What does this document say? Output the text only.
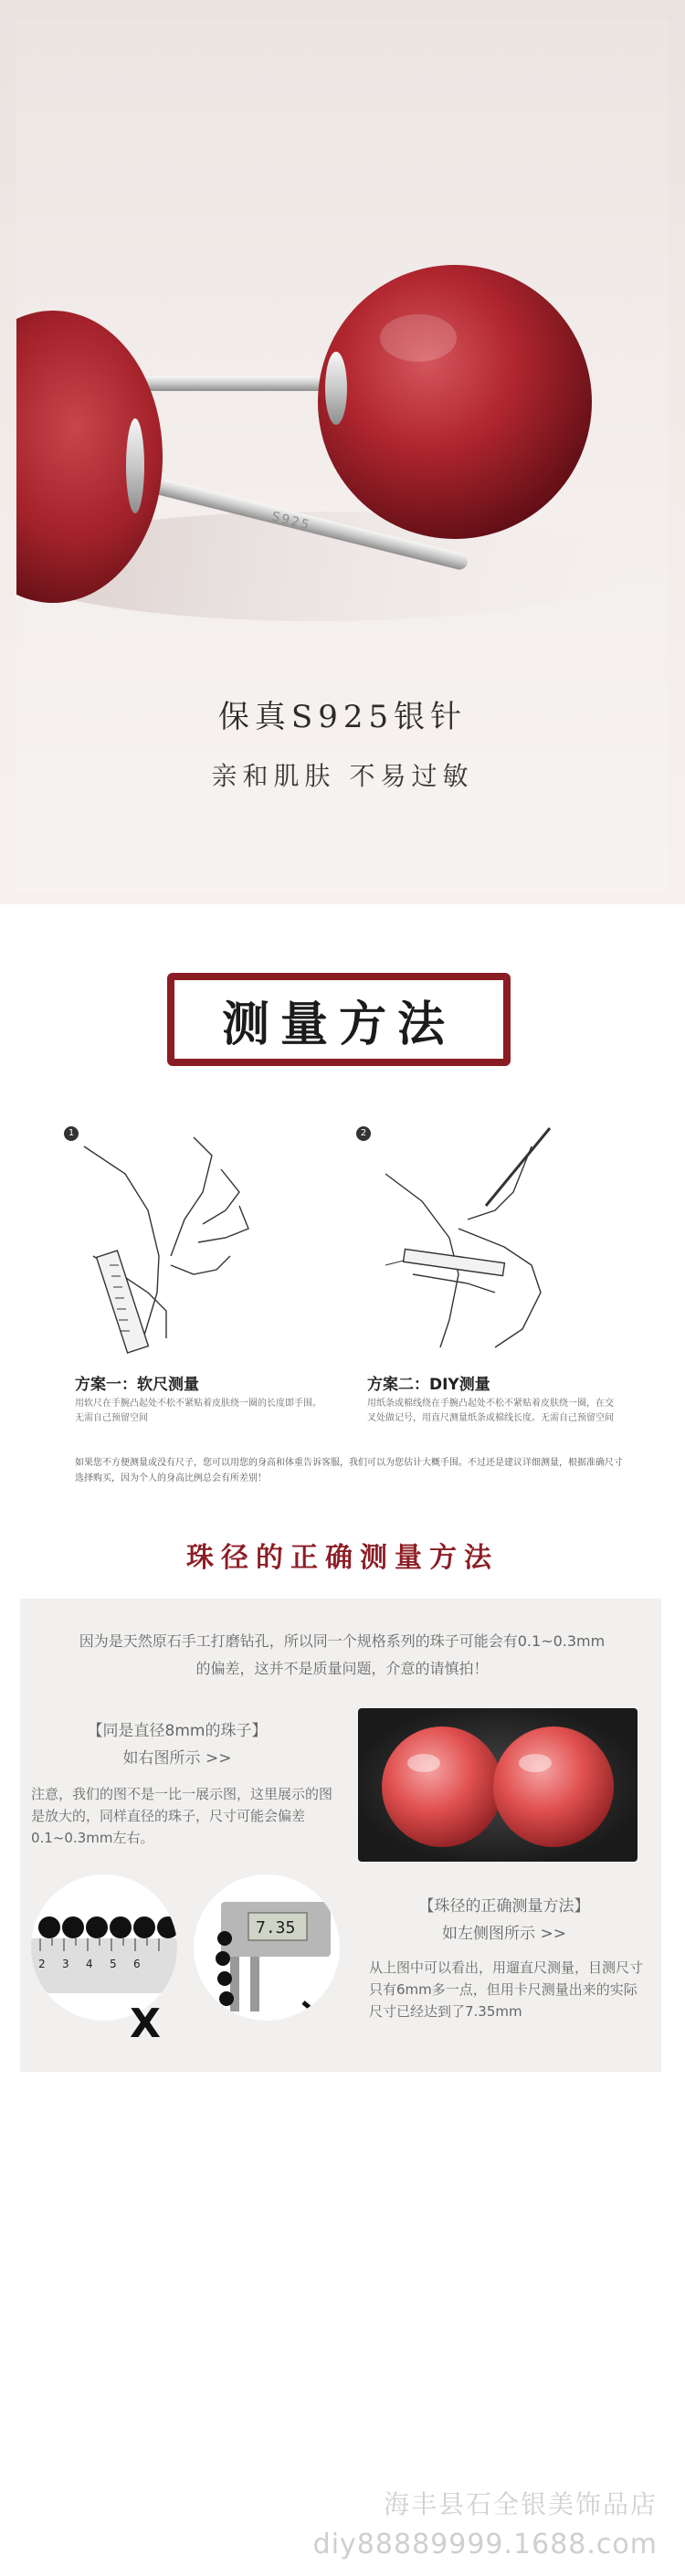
S925
保真S925银针
亲和肌肤 不易过敏
测量方法
1	2
方案一：软尺测量
用软尺在手腕凸起处不松不紧贴着皮肤绕一圈的长度即手围。无需自己预留空间
方案二：DIY测量
用纸条或棉线绕在手腕凸起处不松不紧贴着皮肤绕一圈，在交叉处做记号，用直尺测量纸条或棉线长度。无需自己预留空间
如果您不方便测量或没有尺子，您可以用您的身高和体重告诉客服，我们可以为您估计大概手围。不过还是建议详细测量，根据准确尺寸选择购买，因为个人的身高比例总会有所差别！
珠径的正确测量方法
因为是天然原石手工打磨钻孔，所以同一个规格系列的珠子可能会有0.1~0.3mm的偏差，这并不是质量问题，介意的请慎拍！
【同是直径8mm的珠子】
如右图所示 >>
注意，我们的图不是一比一展示图，这里展示的图是放大的，同样直径的珠子，尺寸可能会偏差0.1~0.3mm左右。
2 3 4 5 6
X
7.35
【珠径的正确测量方法】
如左侧图所示 >>
从上图中可以看出，用遛直尺测量，目测尺寸只有6mm多一点，但用卡尺测量出来的实际尺寸已经达到了7.35mm
海丰县石全银美饰品店
diy88889999.1688.com
